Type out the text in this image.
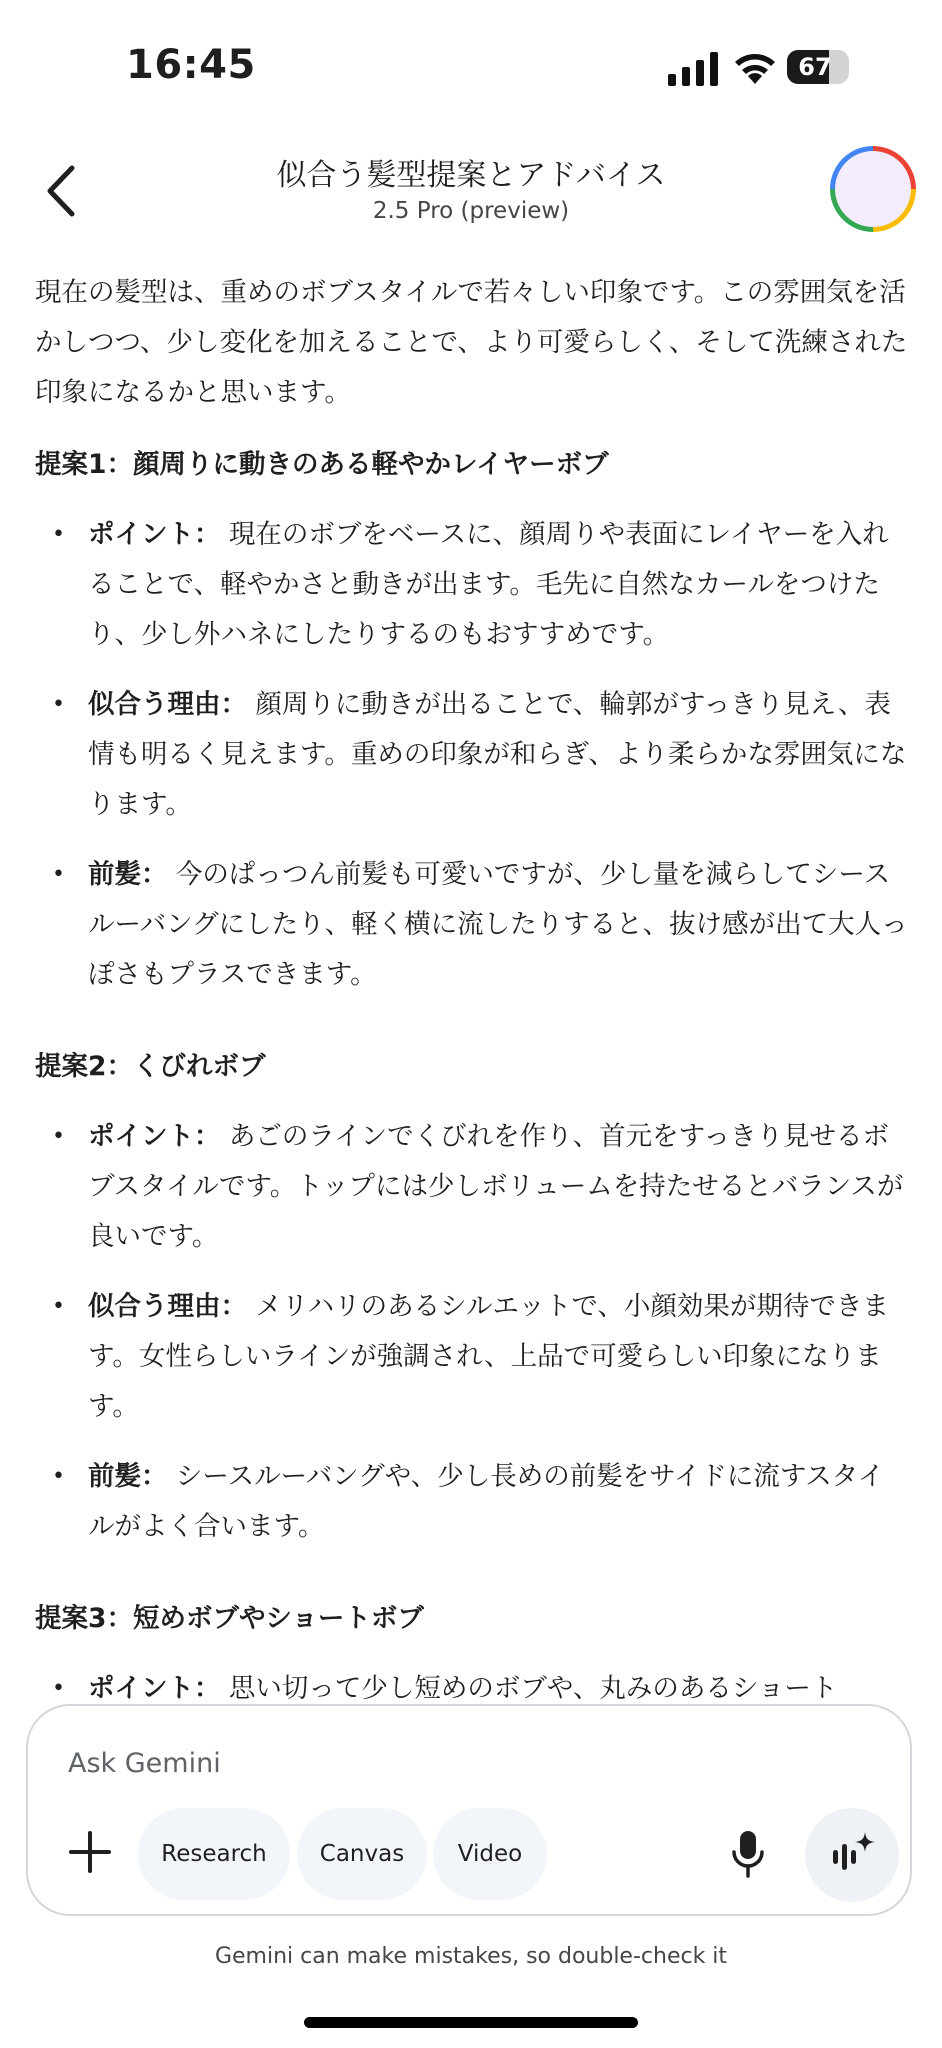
16:45	67
似合う髪型提案とアドバイス
2.5 Pro (preview)

現在の髪型は、重めのボブスタイルで若々しい印象です。この雰囲気を活かしつつ、少し変化を加えることで、より可愛らしく、そして洗練された印象になるかと思います。

提案1：顔周りに動きのある軽やかレイヤーボブ
• ポイント： 現在のボブをベースに、顔周りや表面にレイヤーを入れることで、軽やかさと動きが出ます。毛先に自然なカールをつけたり、少し外ハネにしたりするのもおすすめです。
• 似合う理由： 顔周りに動きが出ることで、輪郭がすっきり見え、表情も明るく見えます。重めの印象が和らぎ、より柔らかな雰囲気になります。
• 前髪： 今のぱっつん前髪も可愛いですが、少し量を減らしてシースルーバングにしたり、軽く横に流したりすると、抜け感が出て大人っぽさもプラスできます。
提案2：くびれボブ
• ポイント： あごのラインでくびれを作り、首元をすっきり見せるボブスタイルです。トップには少しボリュームを持たせるとバランスが良いです。
• 似合う理由： メリハリのあるシルエットで、小顔効果が期待できます。女性らしいラインが強調され、上品で可愛らしい印象になります。
• 前髪： シースルーバングや、少し長めの前髪をサイドに流すスタイルがよく合います。
提案3：短めボブやショートボブ
• ポイント： 思い切って少し短めのボブや、丸みのあるショート
Ask Gemini
Research	Canvas	Video
Gemini can make mistakes, so double-check it
